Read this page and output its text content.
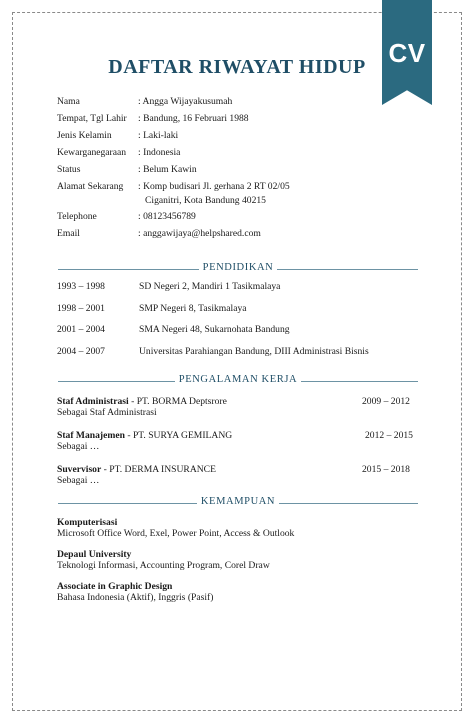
CV
DAFTAR RIWAYAT HIDUP
Nama	: Angga Wijayakusumah
Tempat, Tgl Lahir : Bandung, 16 Februari 1988
Jenis Kelamin	: Laki-laki
Kewarganegaraan : Indonesia
Status	: Belum Kawin
Alamat Sekarang : Komp budisari Jl. gerhana 2 RT 02/05
Ciganitri, Kota Bandung 40215
Telephone	: 08123456789
Email	: anggawijaya@helpshared.com
PENDIDIKAN
1993 – 1998	SD Negeri 2, Mandiri 1 Tasikmalaya
1998 – 2001	SMP Negeri 8, Tasikmalaya
2001 – 2004	SMA Negeri 48, Sukarnohata Bandung
2004 – 2007	Universitas Parahiangan Bandung, DIII Administrasi Bisnis
PENGALAMAN KERJA
Staf Administrasi - PT. BORMA Deptsrore	2009 – 2012
Sebagai Staf Administrasi
Staf Manajemen - PT. SURYA GEMILANG	2012 – 2015
Sebagai …
Suvervisor - PT. DERMA INSURANCE	2015 – 2018
Sebagai …
KEMAMPUAN
Komputerisasi
Microsoft Office Word, Exel, Power Point, Access & Outlook
Depaul University
Teknologi Informasi, Accounting Program, Corel Draw
Associate in Graphic Design
Bahasa Indonesia (Aktif), Inggris (Pasif)
